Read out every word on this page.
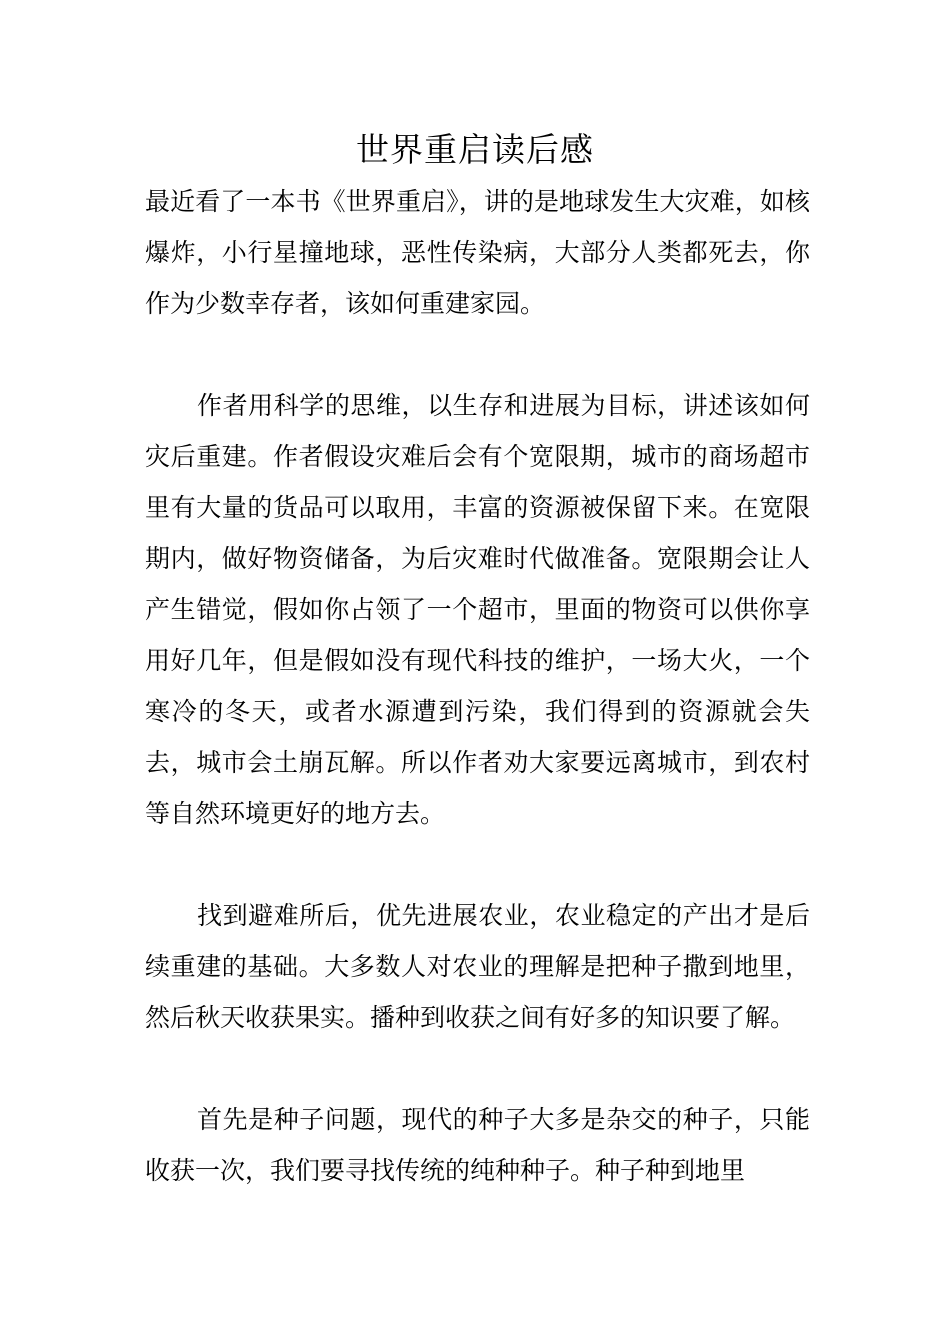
世界重启读后感

最近看了一本书《世界重启》，讲的是地球发生大灾难，如核爆炸，小行星撞地球，恶性传染病，大部分人类都死去，你作为少数幸存者，该如何重建家园。

作者用科学的思维，以生存和进展为目标，讲述该如何灾后重建。作者假设灾难后会有个宽限期，城市的商场超市里有大量的货品可以取用，丰富的资源被保留下来。在宽限期内，做好物资储备，为后灾难时代做准备。宽限期会让人产生错觉，假如你占领了一个超市，里面的物资可以供你享用好几年，但是假如没有现代科技的维护，一场大火，一个寒冷的冬天，或者水源遭到污染，我们得到的资源就会失去，城市会土崩瓦解。所以作者劝大家要远离城市，到农村等自然环境更好的地方去。

找到避难所后，优先进展农业，农业稳定的产出才是后续重建的基础。大多数人对农业的理解是把种子撒到地里，然后秋天收获果实。播种到收获之间有好多的知识要了解。

首先是种子问题，现代的种子大多是杂交的种子，只能收获一次，我们要寻找传统的纯种种子。种子种到地里
